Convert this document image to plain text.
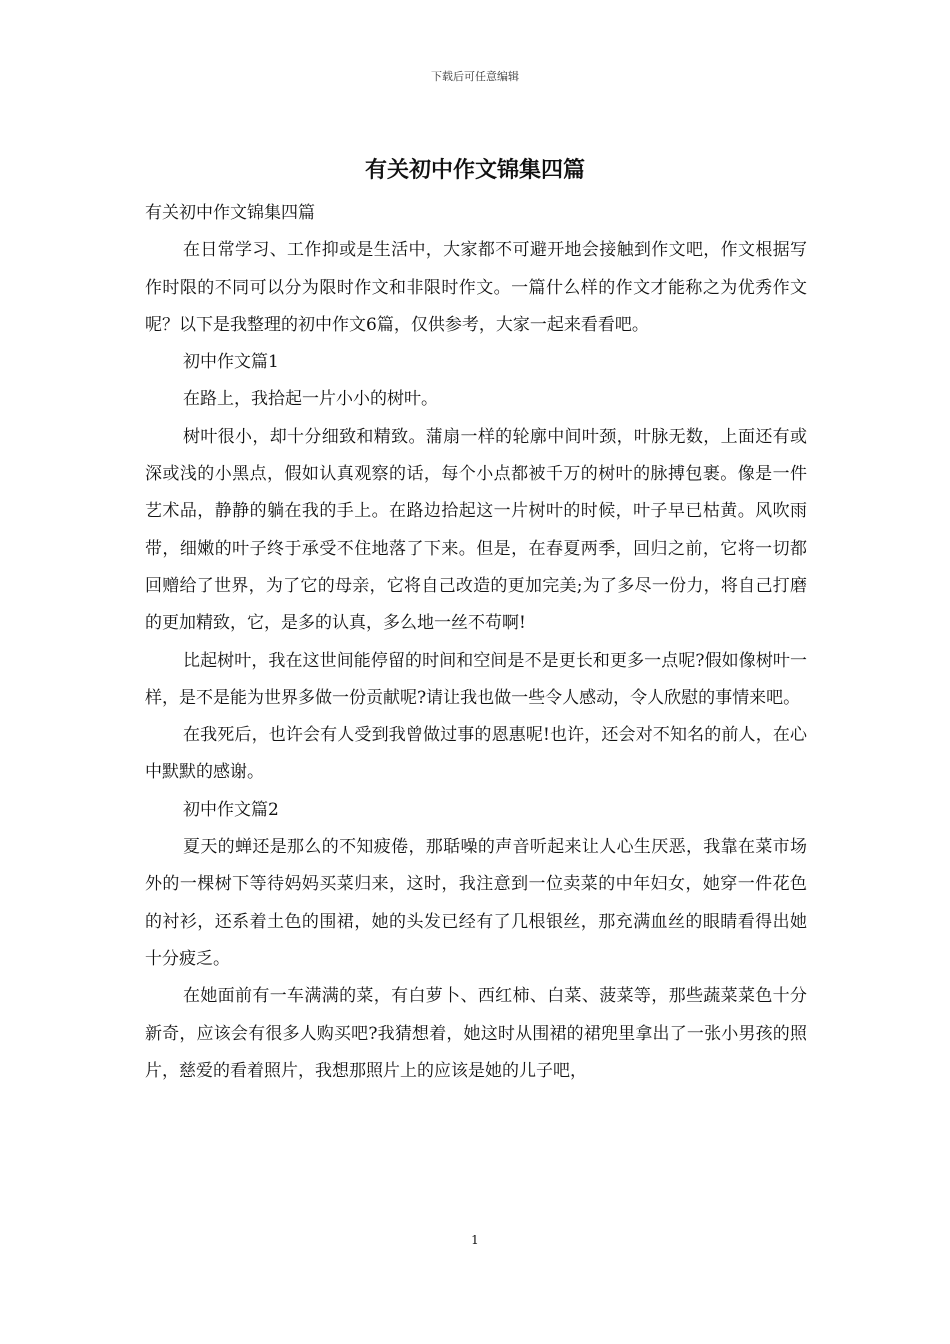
下载后可任意编辑
有关初中作文锦集四篇

有关初中作文锦集四篇

在日常学习、工作抑或是生活中，大家都不可避开地会接触到作文吧，作文根据写作时限的不同可以分为限时作文和非限时作文。一篇什么样的作文才能称之为优秀作文呢？以下是我整理的初中作文6篇，仅供参考，大家一起来看看吧。

初中作文篇1

在路上，我拾起一片小小的树叶。

树叶很小，却十分细致和精致。蒲扇一样的轮廓中间叶颈，叶脉无数，上面还有或深或浅的小黑点，假如认真观察的话，每个小点都被千万的树叶的脉搏包裹。像是一件艺术品，静静的躺在我的手上。在路边拾起这一片树叶的时候，叶子早已枯黄。风吹雨带，细嫩的叶子终于承受不住地落了下来。但是，在春夏两季，回归之前，它将一切都回赠给了世界，为了它的母亲，它将自己改造的更加完美;为了多尽一份力，将自己打磨的更加精致，它，是多的认真，多么地一丝不苟啊!

比起树叶，我在这世间能停留的时间和空间是不是更长和更多一点呢?假如像树叶一样，是不是能为世界多做一份贡献呢?请让我也做一些令人感动，令人欣慰的事情来吧。

在我死后，也许会有人受到我曾做过事的恩惠呢!也许，还会对不知名的前人，在心中默默的感谢。

初中作文篇2

夏天的蝉还是那么的不知疲倦，那聒噪的声音听起来让人心生厌恶，我靠在菜市场外的一棵树下等待妈妈买菜归来，这时，我注意到一位卖菜的中年妇女，她穿一件花色的衬衫，还系着土色的围裙，她的头发已经有了几根银丝，那充满血丝的眼睛看得出她十分疲乏。

在她面前有一车满满的菜，有白萝卜、西红柿、白菜、菠菜等，那些蔬菜菜色十分新奇，应该会有很多人购买吧?我猜想着，她这时从围裙的裙兜里拿出了一张小男孩的照片，慈爱的看着照片，我想那照片上的应该是她的儿子吧，

1
